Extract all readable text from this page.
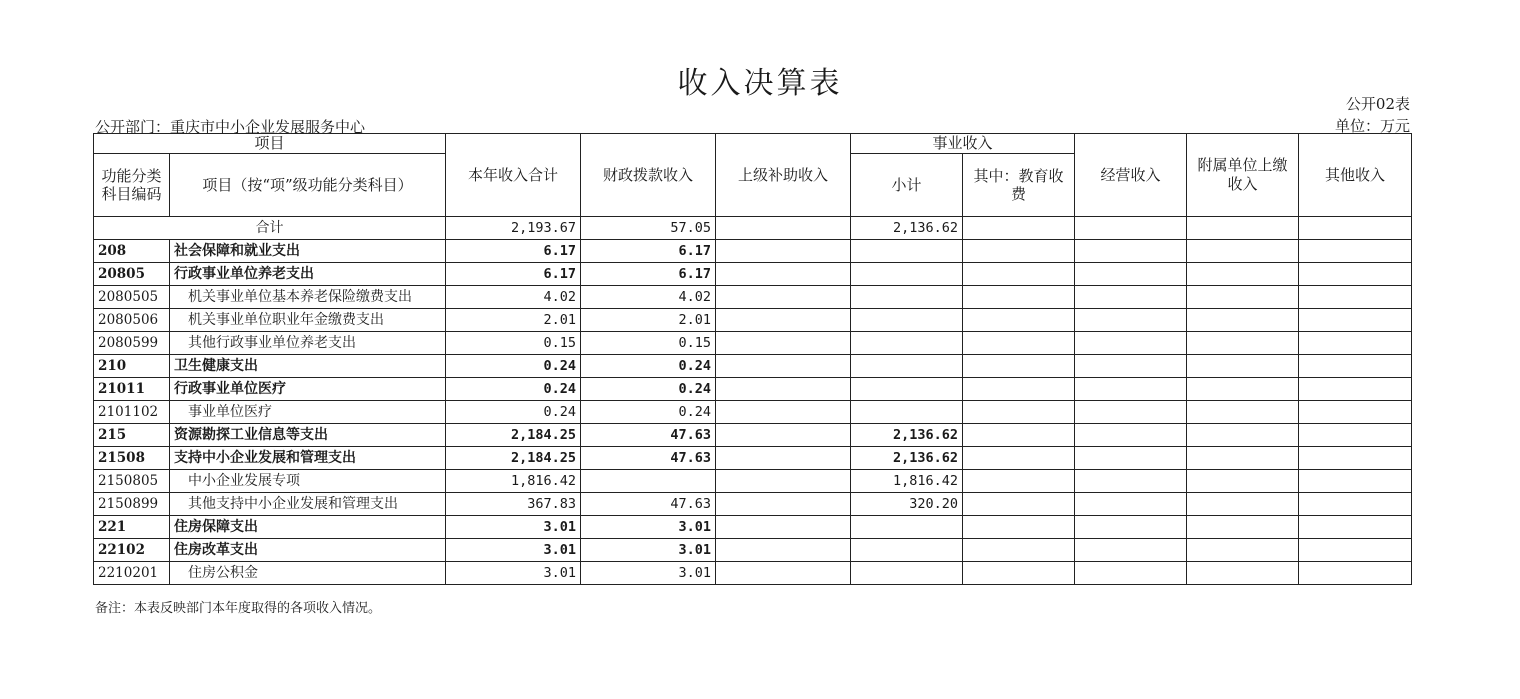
收入决算表
公开02表
公开部门：重庆市中小企业发展服务中心	单位：万元
项目		本年收入合计	财政拨款收入	上级补助收入	事业收入		经营收入	附属单位上缴收入	其他收入
功能分类科目编码	项目（按“项”级功能分类科目）				小计	其中：教育收费			
合计		2,193.67	57.05		2,136.62				
208	社会保障和就业支出	6.17	6.17						
20805	行政事业单位养老支出	6.17	6.17						
2080505	机关事业单位基本养老保险缴费支出	4.02	4.02						
2080506	机关事业单位职业年金缴费支出	2.01	2.01						
2080599	其他行政事业单位养老支出	0.15	0.15						
210	卫生健康支出	0.24	0.24						
21011	行政事业单位医疗	0.24	0.24						
2101102	事业单位医疗	0.24	0.24						
215	资源勘探工业信息等支出	2,184.25	47.63		2,136.62				
21508	支持中小企业发展和管理支出	2,184.25	47.63		2,136.62				
2150805	中小企业发展专项	1,816.42			1,816.42				
2150899	其他支持中小企业发展和管理支出	367.83	47.63		320.20				
221	住房保障支出	3.01	3.01						
22102	住房改革支出	3.01	3.01						
2210201	住房公积金	3.01	3.01						
备注：本表反映部门本年度取得的各项收入情况。
